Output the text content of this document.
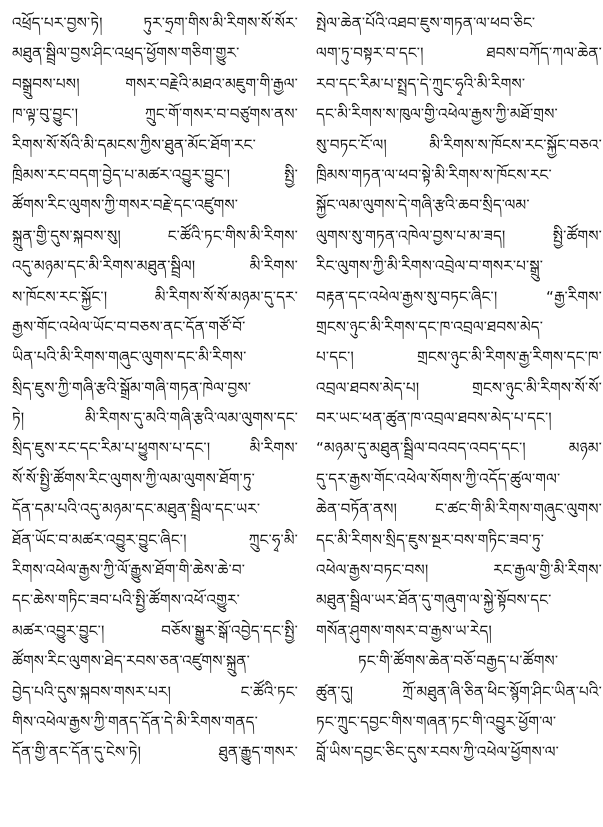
འཕྲོད་པར་བྱས་ཏེ། ཏུར་ཧྲག་གིས་མི་རིགས་སོ་སོར་
མཐུན་སྦྲིལ་བྱས་ཤིང་འཕྲད་ཕྱོགས་གཅིག་གྱུར་
བསྒྲུབས་པས། གསར་བརྗེའི་མཐའ་མཇུག་གི་རྒྱལ་
ཁ་ལྟ་བུ་བྱུང་། ཀྲུང་གོ་གསར་བ་བཙུགས་ནས་
རིགས་སོ་སོའི་མི་དམངས་ཀྱིས་ཐུན་མོང་ཐོག་རང་
ཁྲིམས་རང་བདག་བྱེད་པ་མཚར་འབྱུར་བྱུང་། སྤྱི་
ཚོགས་རིང་ལུགས་ཀྱི་གསར་བརྗེ་དང་འཛུགས་
སྐྲུན་གྱི་དུས་སྐབས་སུ། ང་ཚོའི་ཏང་གིས་མི་རིགས་
འདུ་མཉམ་དང་མི་རིགས་མཐུན་སྦྲིལ། མི་རིགས་
ས་ཁོངས་རང་སྐྱོང་། མི་རིགས་སོ་སོ་མཉམ་དུ་དར་
རྒྱས་གོང་འཕེལ་ཡོང་བ་བཅས་ནང་དོན་གཙོ་བོ་
ཡིན་པའི་མི་རིགས་གཞུང་ལུགས་དང་མི་རིགས་
སྲིད་ཇུས་ཀྱི་གཞི་རྩའི་སྒྲོམ་གཞི་གཏན་ཁེལ་བྱས་
ཏེ། མི་རིགས་དུ་མའི་གཞི་རྩའི་ལམ་ལུགས་དང་
སྲིད་ཇུས་རང་དང་རིམ་པ་ཕྱུགས་པ་དང་། མི་རིགས་
སོ་སོ་སྤྱི་ཚོགས་རིང་ལུགས་ཀྱི་ལམ་ལུགས་ཐོག་ཏུ་
དོན་དམ་པའི་འདུ་མཉམ་དང་མཐུན་སྦྲིལ་དང་ཡར་
ཐོན་ཡོང་བ་མཚར་འབྱུར་བྱུང་ཞིང་། ཀྲུང་ཧྭ་མི་
རིགས་འཕེལ་རྒྱས་ཀྱི་ལོ་རྒྱུས་ཐོག་གི་ཆེས་ཆེ་བ་
དང་ཆེས་གཏིང་ཟབ་པའི་སྤྱི་ཚོགས་འཕོ་འགྱུར་
མཚར་འབྱུར་བྱུང་། བཅོས་སྒྱུར་སྒོ་འབྱེད་དང་སྤྱི་
ཚོགས་རིང་ལུགས་ཐེད་རབས་ཅན་འཛུགས་སྐྲུན་
བྱེད་པའི་དུས་སྐབས་གསར་པར། ང་ཚོའི་ཏང་
གིས་འཕེལ་རྒྱས་ཀྱི་གནད་དོན་དེ་མི་རིགས་གནད་
དོན་གྱི་ནང་དོན་དུ་ངེས་ཏེ། ཐུན་རྒྱུད་གསར་
སྤེལ་ཆེན་པོའི་འཐབ་ཇུས་གཏན་ལ་ཕབ་ཅིང་
ལག་ཏུ་བསྟར་བ་དང་། ཐབས་བཀོད་ཀལ་ཆེན་
རབ་དང་རིམ་པ་སྤྲད་དེ་ཀྲུང་ཧྭའི་མི་རིགས་
དང་མི་རིགས་ས་ཁུལ་གྱི་འཕེལ་རྒྱས་ཀྱི་མཐོ་གྲས་
སུ་བཏང་ངོ་ལ། མི་རིགས་ས་ཁོངས་རང་སྐྱོང་བཅའ་
ཁྲིམས་གཏན་ལ་ཕབ་སྟེ་མི་རིགས་ས་ཁོངས་རང་
སྐྱོང་ལམ་ལུགས་དེ་གཞི་རྩའི་ཆབ་སྲིད་ལམ་
ལུགས་སུ་གཏན་འཁེལ་བྱས་པ་མ་ཟད། སྤྱི་ཚོགས་
རིང་ལུགས་ཀྱི་མི་རིགས་འབྲེལ་བ་གསར་པ་སྒྲུ་
བརྟན་དང་འཕེལ་རྒྱས་སུ་བཏང་ཞིང་། “རྒྱ་རིགས་
གྲངས་ཉུང་མི་རིགས་དང་ཁ་འབྲལ་ཐབས་མེད་
པ་དང་། གྲངས་ཉུང་མི་རིགས་རྒྱ་རིགས་དང་ཁ་
འབྲལ་ཐབས་མེད་པ། གྲངས་ཉུང་མི་རིགས་སོ་སོ་
བར་ཡང་ཕན་ཚུན་ཁ་འབྲལ་ཐབས་མེད་པ་དང་།
“མཉམ་དུ་མཐུན་སྦྲིལ་བའབད་འབད་དང་། མཉམ་
དུ་དར་རྒྱས་གོང་འཕེལ་སོགས་ཀྱི་འདོད་ཚུལ་གལ་
ཆེན་བཏོན་ནས། ང་ཚང་གི་མི་རིགས་གཞུང་ལུགས་
དང་མི་རིགས་སྲིད་ཇུས་སྔར་བས་གཏིང་ཟབ་ཏུ་
འཕེལ་རྒྱས་བཏང་བས། རང་རྒྱལ་གྱི་མི་རིགས་
མཐུན་སྦྲིལ་ཡར་ཐོན་དུ་གཞུག་ལ་སྐྱེ་སྟོབས་དང་
གསོན་ཤུགས་གསར་བ་རྒྱས་ཡ་རེད།
ཏང་གི་ཚོགས་ཆེན་བཅོ་བརྒྱད་པ་ཚོགས་
ཚུན་དུ། ཀྲོ་མཐུན་ཞི་ཅིན་ཕིང་སྙོག་ཤིང་ཡིན་པའི་
ཏང་ཀྲུང་དབྱང་གིས་གཞན་ཏང་གི་འབྱུར་ཕྱོག་ལ་
བློ་ཡིས་དབྱང་ཅིང་དུས་རབས་ཀྱི་འཕེལ་ཕྱོགས་ལ་
